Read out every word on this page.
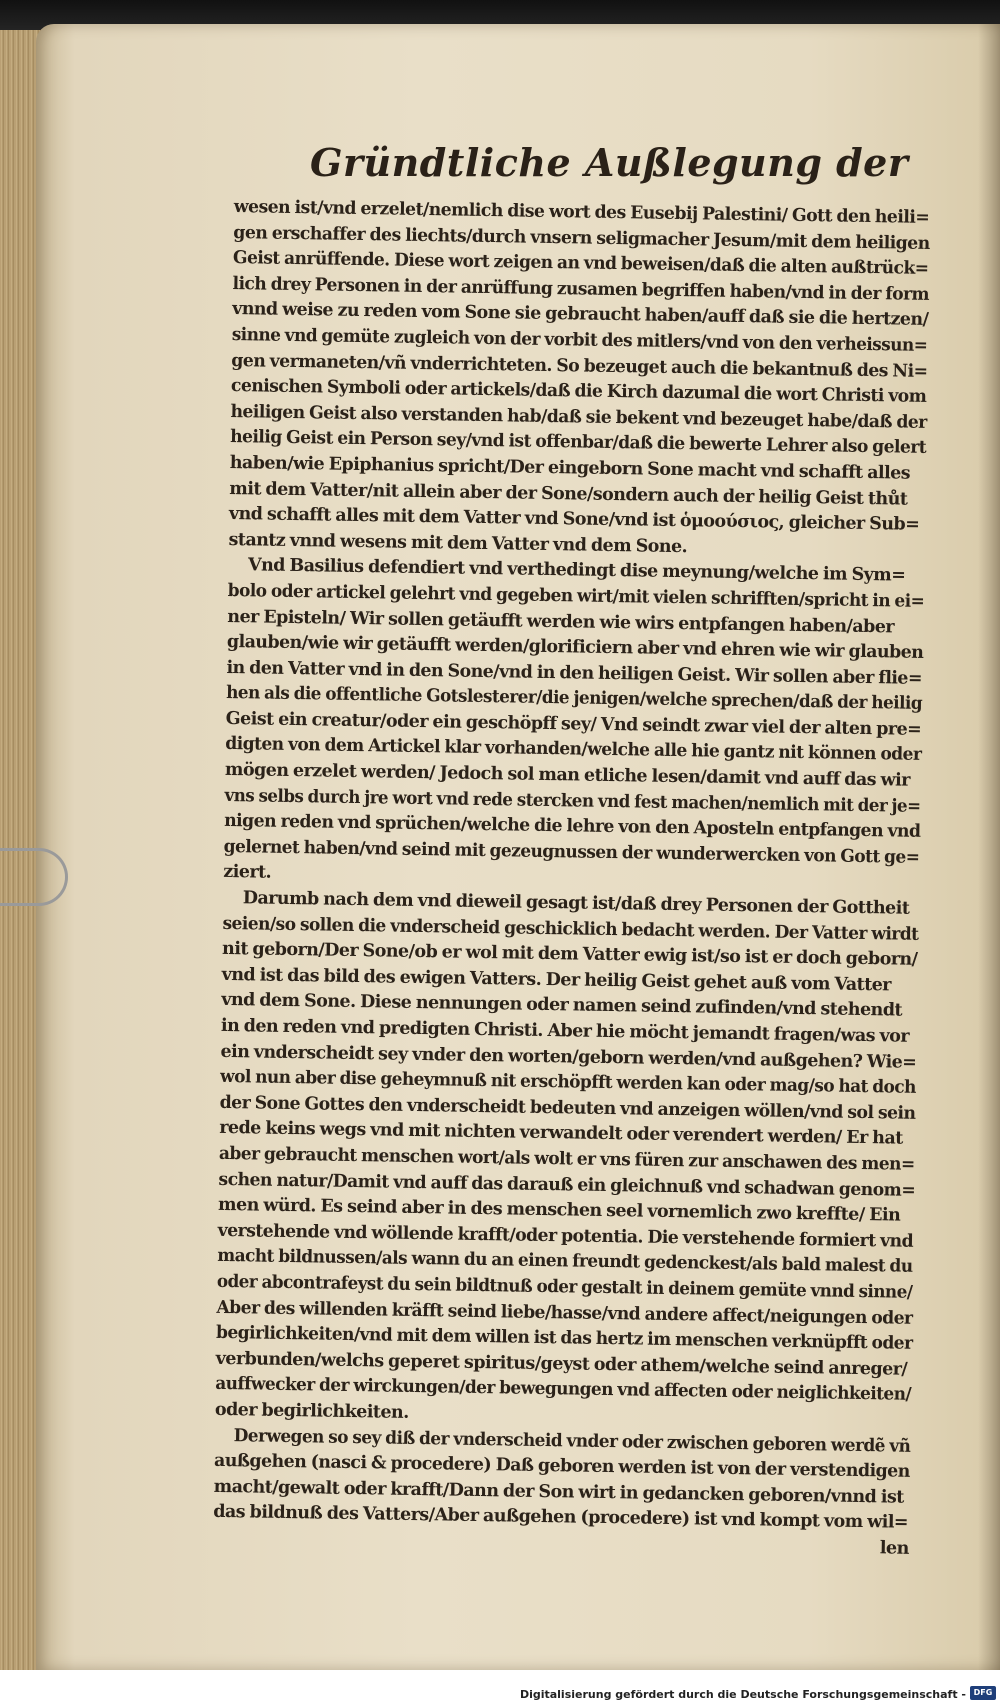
Gründtliche Außlegung der
wesen ist/vnd erzelet/nemlich dise wort des Eusebij Palestini/ Gott den heili=
gen erschaffer des liechts/durch vnsern seligmacher Jesum/mit dem heiligen
Geist anrüffende. Diese wort zeigen an vnd beweisen/daß die alten außtrück=
lich drey Personen in der anrüffung zusamen begriffen haben/vnd in der form
vnnd weise zu reden vom Sone sie gebraucht haben/auff daß sie die hertzen/
sinne vnd gemüte zugleich von der vorbit des mitlers/vnd von den verheissun=
gen vermaneten/vñ vnderrichteten. So bezeuget auch die bekantnuß des Ni=
cenischen Symboli oder artickels/daß die Kirch dazumal die wort Christi vom
heiligen Geist also verstanden hab/daß sie bekent vnd bezeuget habe/daß der
heilig Geist ein Person sey/vnd ist offenbar/daß die bewerte Lehrer also gelert
haben/wie Epiphanius spricht/Der eingeborn Sone macht vnd schafft alles
mit dem Vatter/nit allein aber der Sone/sondern auch der heilig Geist thůt
vnd schafft alles mit dem Vatter vnd Sone/vnd ist ὁμοούσιος, gleicher Sub=
stantz vnnd wesens mit dem Vatter vnd dem Sone.
Vnd Basilius defendiert vnd verthedingt dise meynung/welche im Sym=
bolo oder artickel gelehrt vnd gegeben wirt/mit vielen schrifften/spricht in ei=
ner Episteln/ Wir sollen getäufft werden wie wirs entpfangen haben/aber
glauben/wie wir getäufft werden/glorificiern aber vnd ehren wie wir glauben
in den Vatter vnd in den Sone/vnd in den heiligen Geist. Wir sollen aber flie=
hen als die offentliche Gotslesterer/die jenigen/welche sprechen/daß der heilig
Geist ein creatur/oder ein geschöpff sey/ Vnd seindt zwar viel der alten pre=
digten von dem Artickel klar vorhanden/welche alle hie gantz nit können oder
mögen erzelet werden/ Jedoch sol man etliche lesen/damit vnd auff das wir
vns selbs durch jre wort vnd rede stercken vnd fest machen/nemlich mit der je=
nigen reden vnd sprüchen/welche die lehre von den Aposteln entpfangen vnd
gelernet haben/vnd seind mit gezeugnussen der wunderwercken von Gott ge=
ziert.
Darumb nach dem vnd dieweil gesagt ist/daß drey Personen der Gottheit
seien/so sollen die vnderscheid geschicklich bedacht werden. Der Vatter wirdt
nit geborn/Der Sone/ob er wol mit dem Vatter ewig ist/so ist er doch geborn/
vnd ist das bild des ewigen Vatters. Der heilig Geist gehet auß vom Vatter
vnd dem Sone. Diese nennungen oder namen seind zufinden/vnd stehendt
in den reden vnd predigten Christi. Aber hie möcht jemandt fragen/was vor
ein vnderscheidt sey vnder den worten/geborn werden/vnd außgehen? Wie=
wol nun aber dise geheymnuß nit erschöpfft werden kan oder mag/so hat doch
der Sone Gottes den vnderscheidt bedeuten vnd anzeigen wöllen/vnd sol sein
rede keins wegs vnd mit nichten verwandelt oder verendert werden/ Er hat
aber gebraucht menschen wort/als wolt er vns füren zur anschawen des men=
schen natur/Damit vnd auff das darauß ein gleichnuß vnd schadwan genom=
men würd. Es seind aber in des menschen seel vornemlich zwo kreffte/ Ein
verstehende vnd wöllende krafft/oder potentia. Die verstehende formiert vnd
macht bildnussen/als wann du an einen freundt gedenckest/als bald malest du
oder abcontrafeyst du sein bildtnuß oder gestalt in deinem gemüte vnnd sinne/
Aber des willenden kräfft seind liebe/hasse/vnd andere affect/neigungen oder
begirlichkeiten/vnd mit dem willen ist das hertz im menschen verknüpfft oder
verbunden/welchs geperet spiritus/geyst oder athem/welche seind anreger/
auffwecker der wirckungen/der bewegungen vnd affecten oder neiglichkeiten/
oder begirlichkeiten.
Derwegen so sey diß der vnderscheid vnder oder zwischen geboren werdẽ vñ
außgehen (nasci & procedere) Daß geboren werden ist von der verstendigen
macht/gewalt oder krafft/Dann der Son wirt in gedancken geboren/vnnd ist
das bildnuß des Vatters/Aber außgehen (procedere) ist vnd kompt vom wil=
len
Digitalisierung gefördert durch die Deutsche Forschungsgemeinschaft - DFG
